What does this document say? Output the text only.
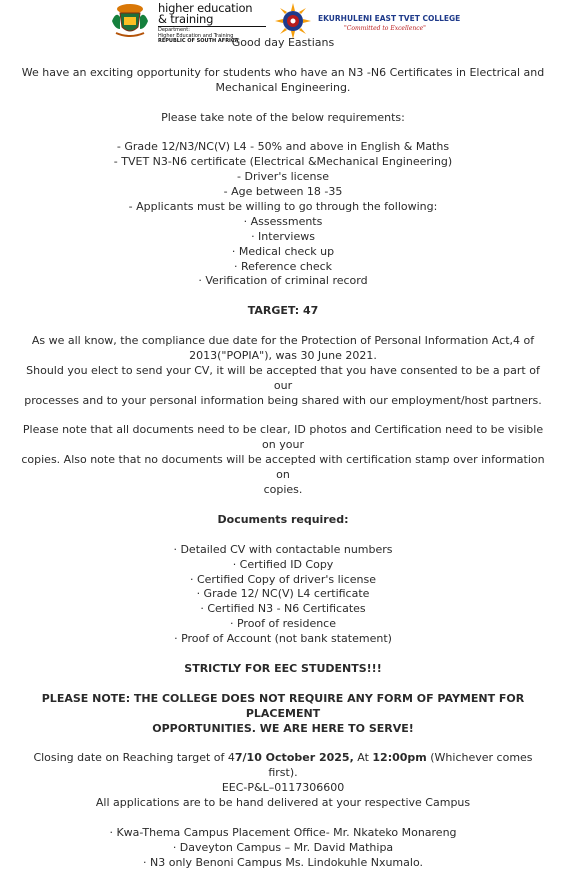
higher education
& training
Department:
Higher Education and Training
REPUBLIC OF SOUTH AFRICA
EKURHULENI EAST TVET COLLEGE
"Committed to Excellence"

Good day Eastians

We have an exciting opportunity for students who have an N3 -N6 Certificates in Electrical and

Mechanical Engineering.

Please take note of the below requirements:

- Grade 12/N3/NC(V) L4 - 50% and above in English & Maths

- TVET N3-N6 certificate (Electrical &Mechanical Engineering)

- Driver's license

- Age between 18 -35

- Applicants must be willing to go through the following:

· Assessments

· Interviews

· Medical check up

· Reference check

· Verification of criminal record

TARGET: 47

As we all know, the compliance due date for the Protection of Personal Information Act,4 of

2013("POPIA"), was 30 June 2021.

Should you elect to send your CV, it will be accepted that you have consented to be a part of our

processes and to your personal information being shared with our employment/host partners.

Please note that all documents need to be clear, ID photos and Certification need to be visible on your

copies. Also note that no documents will be accepted with certification stamp over information on

copies.

Documents required:

· Detailed CV with contactable numbers

· Certified ID Copy

· Certified Copy of driver's license

· Grade 12/ NC(V) L4 certificate

· Certified N3 - N6 Certificates

· Proof of residence

· Proof of Account (not bank statement)

STRICTLY FOR EEC STUDENTS!!!

PLEASE NOTE: THE COLLEGE DOES NOT REQUIRE ANY FORM OF PAYMENT FOR PLACEMENT

OPPORTUNITIES. WE ARE HERE TO SERVE!

Closing date on Reaching target of 47/10 October 2025, At 12:00pm (Whichever comes first).

EEC-P&L–0117306600

All applications are to be hand delivered at your respective Campus

· Kwa-Thema Campus Placement Office- Mr. Nkateko Monareng

· Daveyton Campus – Mr. David Mathipa

· N3 only Benoni Campus Ms. Lindokuhle Nxumalo.
